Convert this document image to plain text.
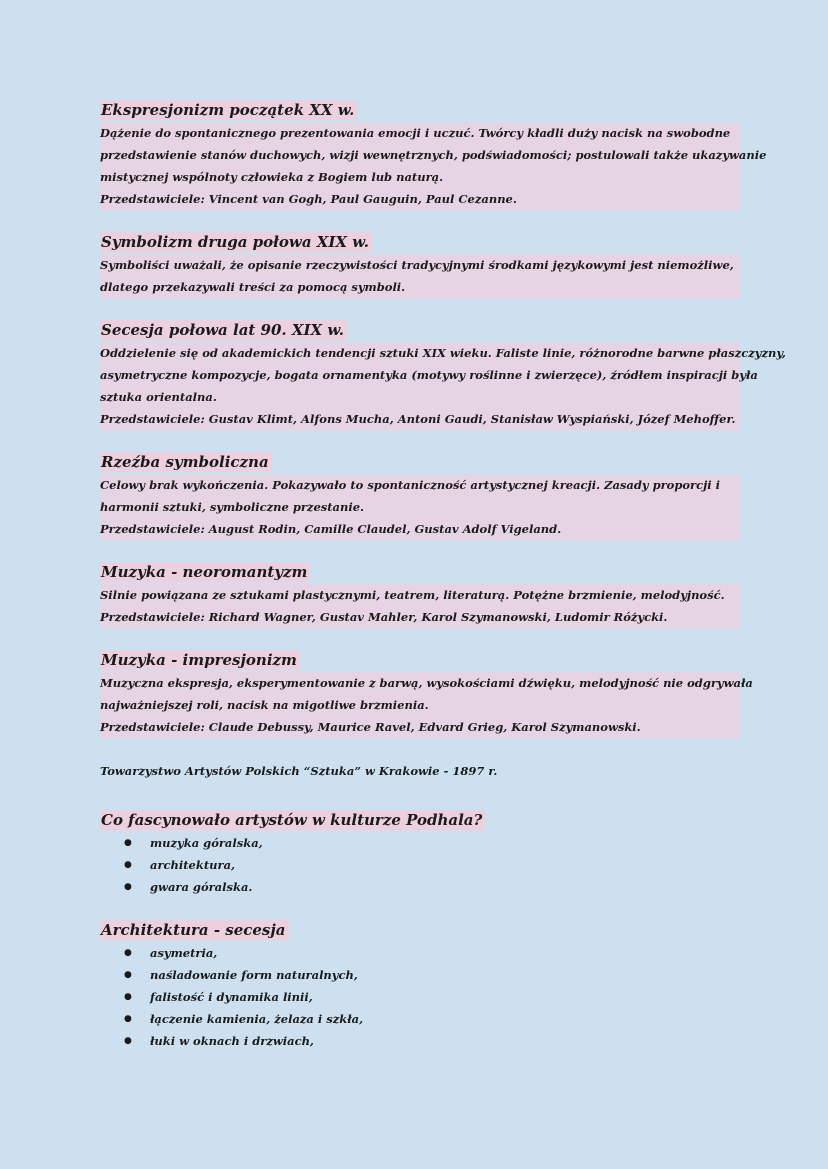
Ekspresjonizm początek XX w.
Dążenie do spontanicznego prezentowania emocji i uczuć. Twórcy kładli duży nacisk na swobodne
przedstawienie stanów duchowych, wizji wewnętrznych, podświadomości; postulowali także ukazywanie
mistycznej wspólnoty człowieka z Bogiem lub naturą.
Przedstawiciele: Vincent van Gogh, Paul Gauguin, Paul Cezanne.
Symbolizm druga połowa XIX w.
Symboliści uważali, że opisanie rzeczywistości tradycyjnymi środkami językowymi jest niemożliwe,
dlatego przekazywali treści za pomocą symboli.
Secesja połowa lat 90. XIX w.
Oddzielenie się od akademickich tendencji sztuki XIX wieku. Faliste linie, różnorodne barwne płaszczyzny,
asymetryczne kompozycje, bogata ornamentyka (motywy roślinne i zwierzęce), źródłem inspiracji była
sztuka orientalna.
Przedstawiciele: Gustav Klimt, Alfons Mucha, Antoni Gaudi, Stanisław Wyspiański, Józef Mehoffer.
Rzeźba symboliczna
Celowy brak wykończenia. Pokazywało to spontaniczność artystycznej kreacji. Zasady proporcji i
harmonii sztuki, symboliczne przestanie.
Przedstawiciele: August Rodin, Camille Claudel, Gustav Adolf Vigeland.
Muzyka - neoromantyzm
Silnie powiązana ze sztukami plastycznymi, teatrem, literaturą. Potężne brzmienie, melodyjność.
Przedstawiciele: Richard Wagner, Gustav Mahler, Karol Szymanowski, Ludomir Różycki.
Muzyka - impresjonizm
Muzyczna ekspresja, eksperymentowanie z barwą, wysokościami dźwięku, melodyjność nie odgrywała
najważniejszej roli, nacisk na migotliwe brzmienia.
Przedstawiciele: Claude Debussy, Maurice Ravel, Edvard Grieg, Karol Szymanowski.
Towarzystwo Artystów Polskich “Sztuka” w Krakowie - 1897 r.
Co fascynowało artystów w kulturze Podhala?
● muzyka góralska,
● architektura,
● gwara góralska.
Architektura - secesja
● asymetria,
● naśladowanie form naturalnych,
● falistość i dynamika linii,
● łączenie kamienia, żelaza i szkła,
● łuki w oknach i drzwiach,
